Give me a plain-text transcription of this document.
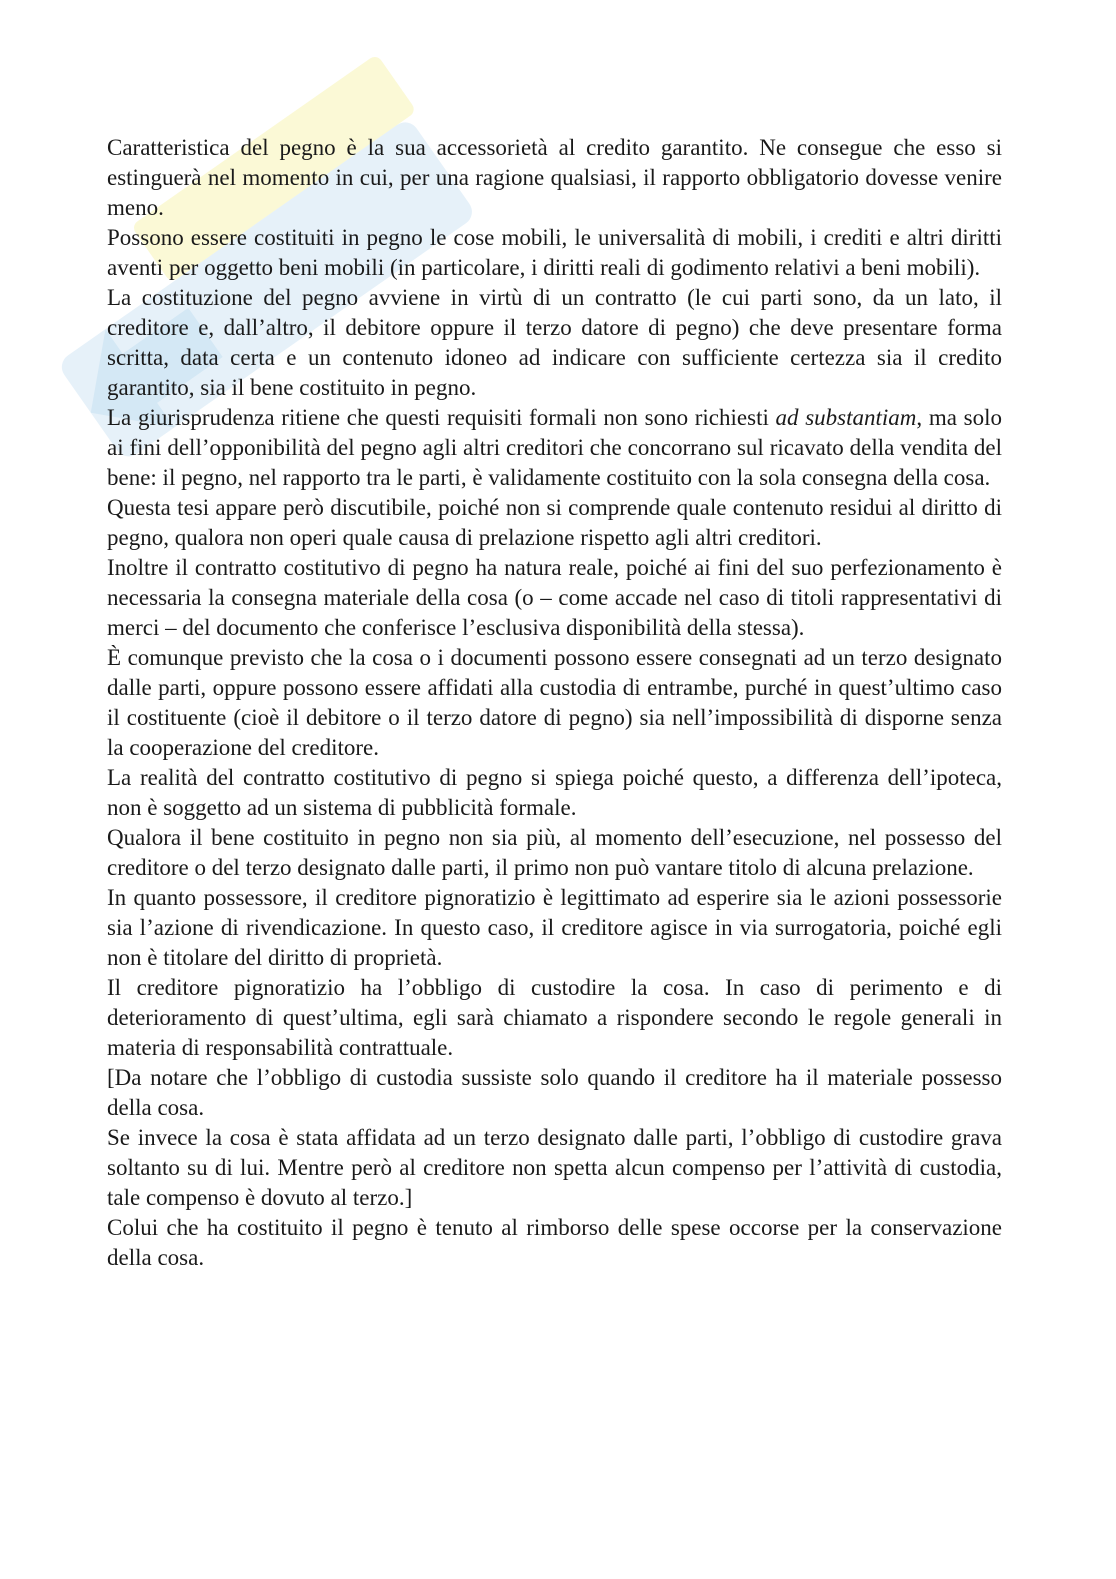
Caratteristica del pegno è la sua accessorietà al credito garantito. Ne consegue che esso si estinguerà nel momento in cui, per una ragione qualsiasi, il rapporto obbligatorio dovesse venire meno.

Possono essere costituiti in pegno le cose mobili, le universalità di mobili, i crediti e altri diritti aventi per oggetto beni mobili (in particolare, i diritti reali di godimento relativi a beni mobili).

La costituzione del pegno avviene in virtù di un contratto (le cui parti sono, da un lato, il creditore e, dall’altro, il debitore oppure il terzo datore di pegno) che deve presentare forma scritta, data certa e un contenuto idoneo ad indicare con sufficiente certezza sia il credito garantito, sia il bene costituito in pegno.

La giurisprudenza ritiene che questi requisiti formali non sono richiesti ad substantiam, ma solo ai fini dell’opponibilità del pegno agli altri creditori che concorrano sul ricavato della vendita del bene: il pegno, nel rapporto tra le parti, è validamente costituito con la sola consegna della cosa.

Questa tesi appare però discutibile, poiché non si comprende quale contenuto residui al diritto di pegno, qualora non operi quale causa di prelazione rispetto agli altri creditori.

Inoltre il contratto costitutivo di pegno ha natura reale, poiché ai fini del suo perfezionamento è necessaria la consegna materiale della cosa (o – come accade nel caso di titoli rappresentativi di merci – del documento che conferisce l’esclusiva disponibilità della stessa).

È comunque previsto che la cosa o i documenti possono essere consegnati ad un terzo designato dalle parti, oppure possono essere affidati alla custodia di entrambe, purché in quest’ultimo caso il costituente (cioè il debitore o il terzo datore di pegno) sia nell’impossibilità di disporne senza la cooperazione del creditore.

La realità del contratto costitutivo di pegno si spiega poiché questo, a differenza dell’ipoteca, non è soggetto ad un sistema di pubblicità formale.

Qualora il bene costituito in pegno non sia più, al momento dell’esecuzione, nel possesso del creditore o del terzo designato dalle parti, il primo non può vantare titolo di alcuna prelazione.

In quanto possessore, il creditore pignoratizio è legittimato ad esperire sia le azioni possessorie sia l’azione di rivendicazione. In questo caso, il creditore agisce in via surrogatoria, poiché egli non è titolare del diritto di proprietà.

Il creditore pignoratizio ha l’obbligo di custodire la cosa. In caso di perimento e di deterioramento di quest’ultima, egli sarà chiamato a rispondere secondo le regole generali in materia di responsabilità contrattuale.

[Da notare che l’obbligo di custodia sussiste solo quando il creditore ha il materiale possesso della cosa.

Se invece la cosa è stata affidata ad un terzo designato dalle parti, l’obbligo di custodire grava soltanto su di lui. Mentre però al creditore non spetta alcun compenso per l’attività di custodia, tale compenso è dovuto al terzo.]

Colui che ha costituito il pegno è tenuto al rimborso delle spese occorse per la conservazione della cosa.
